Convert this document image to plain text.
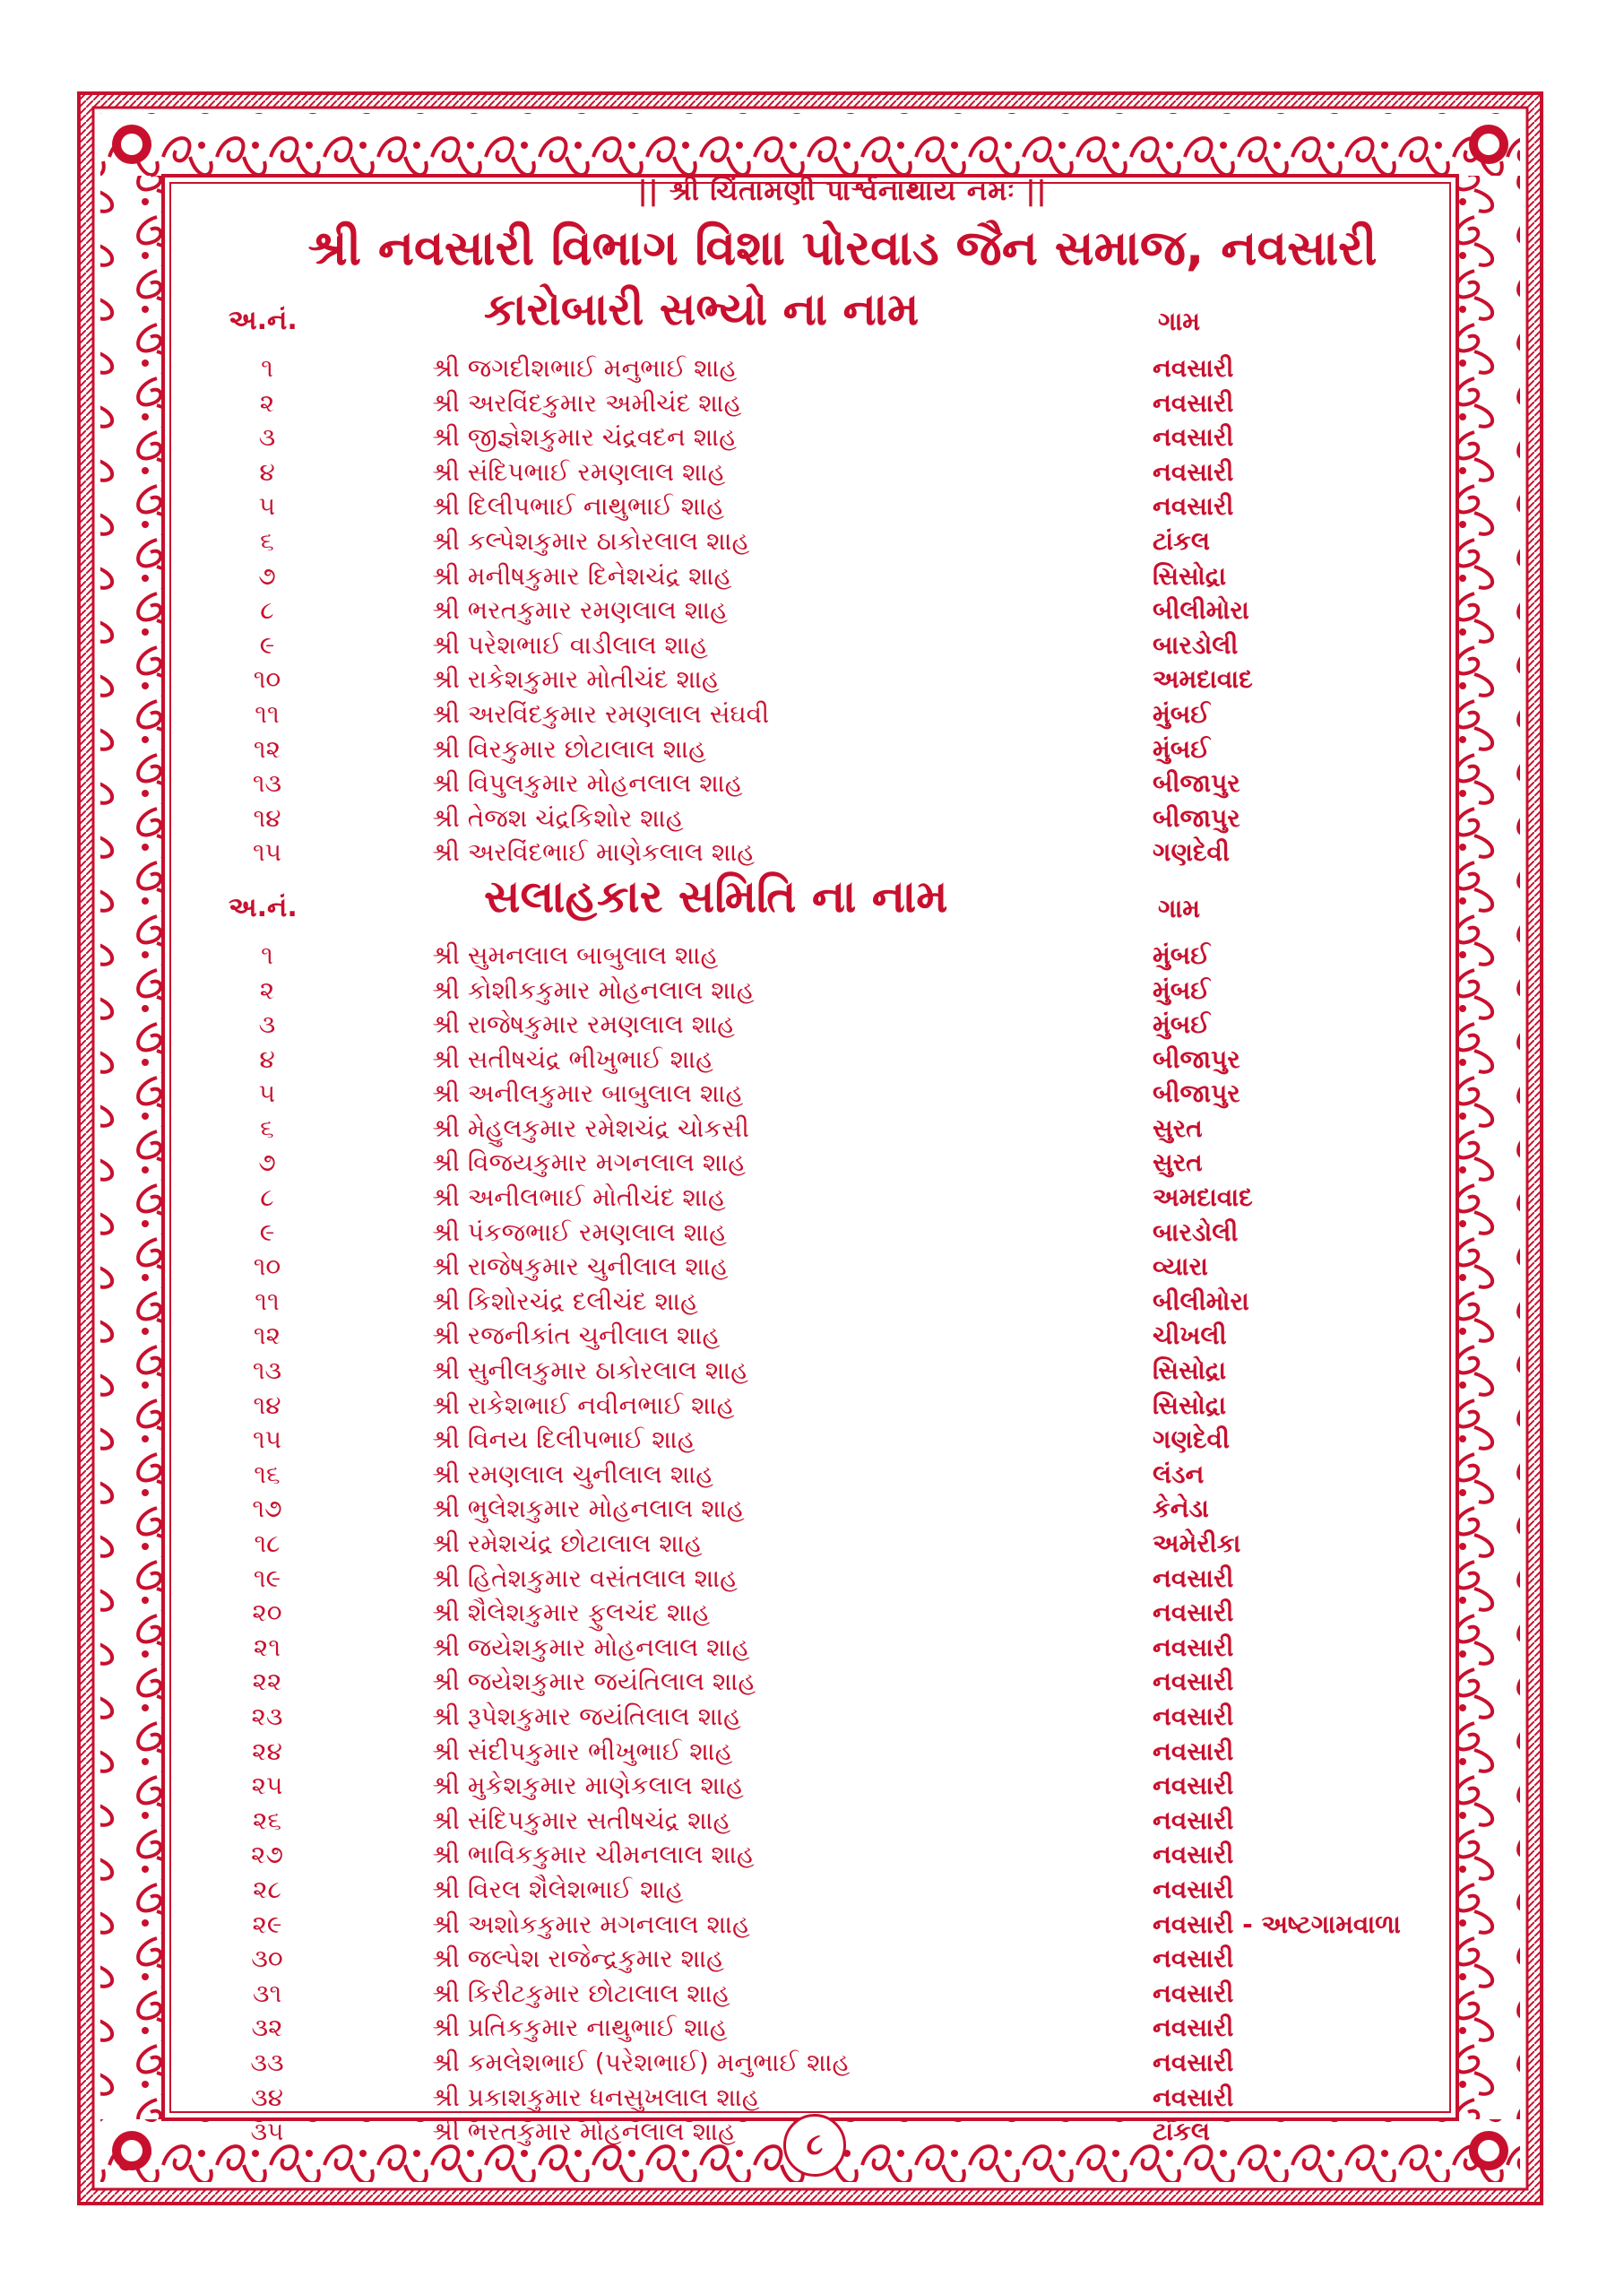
|| શ્રી ચિંતામણી પાર્શ્વનાથાય નમઃ ||
શ્રી નવસારી વિભાગ વિશા પોરવાડ જૈન સમાજ, નવસારી
અ.નં.	કારોબારી સભ્યો ના નામ	ગામ
૧	શ્રી જગદીશભાઈ મનુભાઈ શાહ	નવસારી
૨	શ્રી અરવિંદકુમાર અમીચંદ શાહ	નવસારી
૩	શ્રી જીજ્ઞેશકુમાર ચંદ્રવદન શાહ	નવસારી
૪	શ્રી સંદિપભાઈ રમણલાલ શાહ	નવસારી
૫	શ્રી દિલીપભાઈ નાથુભાઈ શાહ	નવસારી
૬	શ્રી કલ્પેશકુમાર ઠાકોરલાલ શાહ	ટાંકલ
૭	શ્રી મનીષકુમાર દિનેશચંદ્ર શાહ	સિસોદ્રા
૮	શ્રી ભરતકુમાર રમણલાલ શાહ	બીલીમોરા
૯	શ્રી પરેશભાઈ વાડીલાલ શાહ	બારડોલી
૧૦	શ્રી રાકેશકુમાર મોતીચંદ શાહ	અમદાવાદ
૧૧	શ્રી અરવિંદકુમાર રમણલાલ સંઘવી	મુંબઈ
૧૨	શ્રી વિરકુમાર છોટાલાલ શાહ	મુંબઈ
૧૩	શ્રી વિપુલકુમાર મોહનલાલ શાહ	બીજાપુર
૧૪	શ્રી તેજશ ચંદ્રકિશોર શાહ	બીજાપુર
૧૫	શ્રી અરવિંદભાઈ માણેકલાલ શાહ	ગણદેવી
અ.નં.	સલાહકાર સમિતિ ના નામ	ગામ
૧	શ્રી સુમનલાલ બાબુલાલ શાહ	મુંબઈ
૨	શ્રી કોશીકકુમાર મોહનલાલ શાહ	મુંબઈ
૩	શ્રી રાજેષકુમાર રમણલાલ શાહ	મુંબઈ
૪	શ્રી સતીષચંદ્ર ભીખુભાઈ શાહ	બીજાપુર
૫	શ્રી અનીલકુમાર બાબુલાલ શાહ	બીજાપુર
૬	શ્રી મેહુલકુમાર રમેશચંદ્ર ચોકસી	સુરત
૭	શ્રી વિજયકુમાર મગનલાલ શાહ	સુરત
૮	શ્રી અનીલભાઈ મોતીચંદ શાહ	અમદાવાદ
૯	શ્રી પંકજભાઈ રમણલાલ શાહ	બારડોલી
૧૦	શ્રી રાજેષકુમાર ચુનીલાલ શાહ	વ્યારા
૧૧	શ્રી કિશોરચંદ્ર દલીચંદ શાહ	બીલીમોરા
૧૨	શ્રી રજનીકાંત ચુનીલાલ શાહ	ચીખલી
૧૩	શ્રી સુનીલકુમાર ઠાકોરલાલ શાહ	સિસોદ્રા
૧૪	શ્રી રાકેશભાઈ નવીનભાઈ શાહ	સિસોદ્રા
૧૫	શ્રી વિનય દિલીપભાઈ શાહ	ગણદેવી
૧૬	શ્રી રમણલાલ ચુનીલાલ શાહ	લંડન
૧૭	શ્રી ભુલેશકુમાર મોહનલાલ શાહ	કેનેડા
૧૮	શ્રી રમેશચંદ્ર છોટાલાલ શાહ	અમેરીકા
૧૯	શ્રી હિતેશકુમાર વસંતલાલ શાહ	નવસારી
૨૦	શ્રી શૈલેશકુમાર ફુલચંદ શાહ	નવસારી
૨૧	શ્રી જયેશકુમાર મોહનલાલ શાહ	નવસારી
૨૨	શ્રી જયેશકુમાર જયંતિલાલ શાહ	નવસારી
૨૩	શ્રી રૂપેશકુમાર જયંતિલાલ શાહ	નવસારી
૨૪	શ્રી સંદીપકુમાર ભીખુભાઈ શાહ	નવસારી
૨૫	શ્રી મુકેશકુમાર માણેકલાલ શાહ	નવસારી
૨૬	શ્રી સંદિપકુમાર સતીષચંદ્ર શાહ	નવસારી
૨૭	શ્રી ભાવિકકુમાર ચીમનલાલ શાહ	નવસારી
૨૮	શ્રી વિરલ શૈલેશભાઈ શાહ	નવસારી
૨૯	શ્રી અશોકકુમાર મગનલાલ શાહ	નવસારી - અષ્ટગામવાળા
૩૦	શ્રી જલ્પેશ રાજેન્દ્રકુમાર શાહ	નવસારી
૩૧	શ્રી કિરીટકુમાર છોટાલાલ શાહ	નવસારી
૩૨	શ્રી પ્રતિકકુમાર નાથુભાઈ શાહ	નવસારી
૩૩	શ્રી કમલેશભાઈ (પરેશભાઈ) મનુભાઈ શાહ	નવસારી
૩૪	શ્રી પ્રકાશકુમાર ધનસુખલાલ શાહ	નવસારી
૩૫	શ્રી ભરતકુમાર મોહનલાલ શાહ	ટાંકલ
૮
